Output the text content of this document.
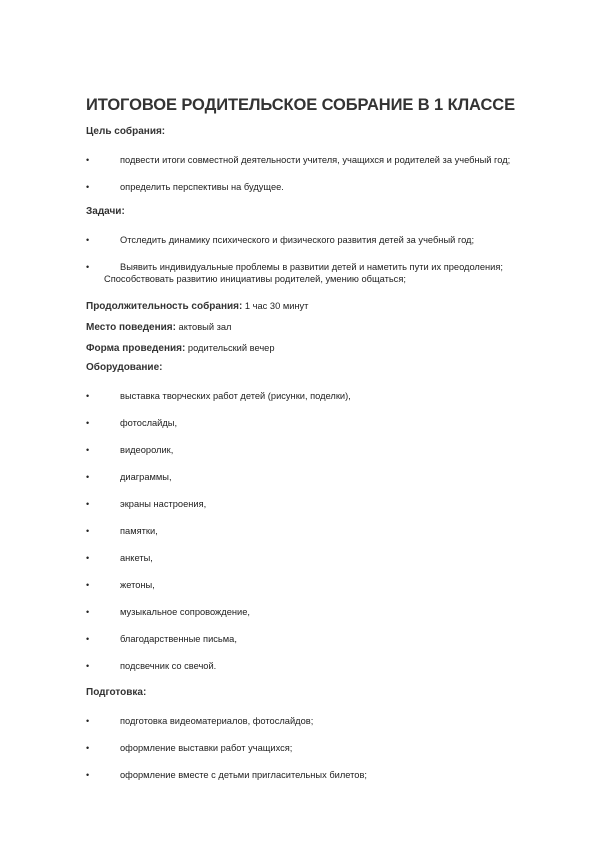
ИТОГОВОЕ РОДИТЕЛЬСКОЕ СОБРАНИЕ В 1 КЛАССЕ

Цель собрания:

•	подвести итоги совместной деятельности учителя, учащихся и родителей за учебный год;
•	определить перспективы на будущее.

Задачи:

•	Отследить динамику психического и физического развития детей за учебный год;
•	Выявить индивидуальные проблемы в развитии детей и наметить пути их преодоления;
Способствовать развитию инициативы родителей, умению общаться;

Продолжительность собрания: 1 час 30 минут

Место поведения: актовый зал

Форма проведения: родительский вечер

Оборудование:

•	выставка творческих работ детей (рисунки, поделки),
•	фотослайды,
•	видеоролик,
•	диаграммы,
•	экраны настроения,
•	памятки,
•	анкеты,
•	жетоны,
•	музыкальное сопровождение,
•	благодарственные письма,
•	подсвечник со свечой.

Подготовка:

•	подготовка видеоматериалов, фотослайдов;
•	оформление выставки работ учащихся;
•	оформление вместе с детьми пригласительных билетов;
